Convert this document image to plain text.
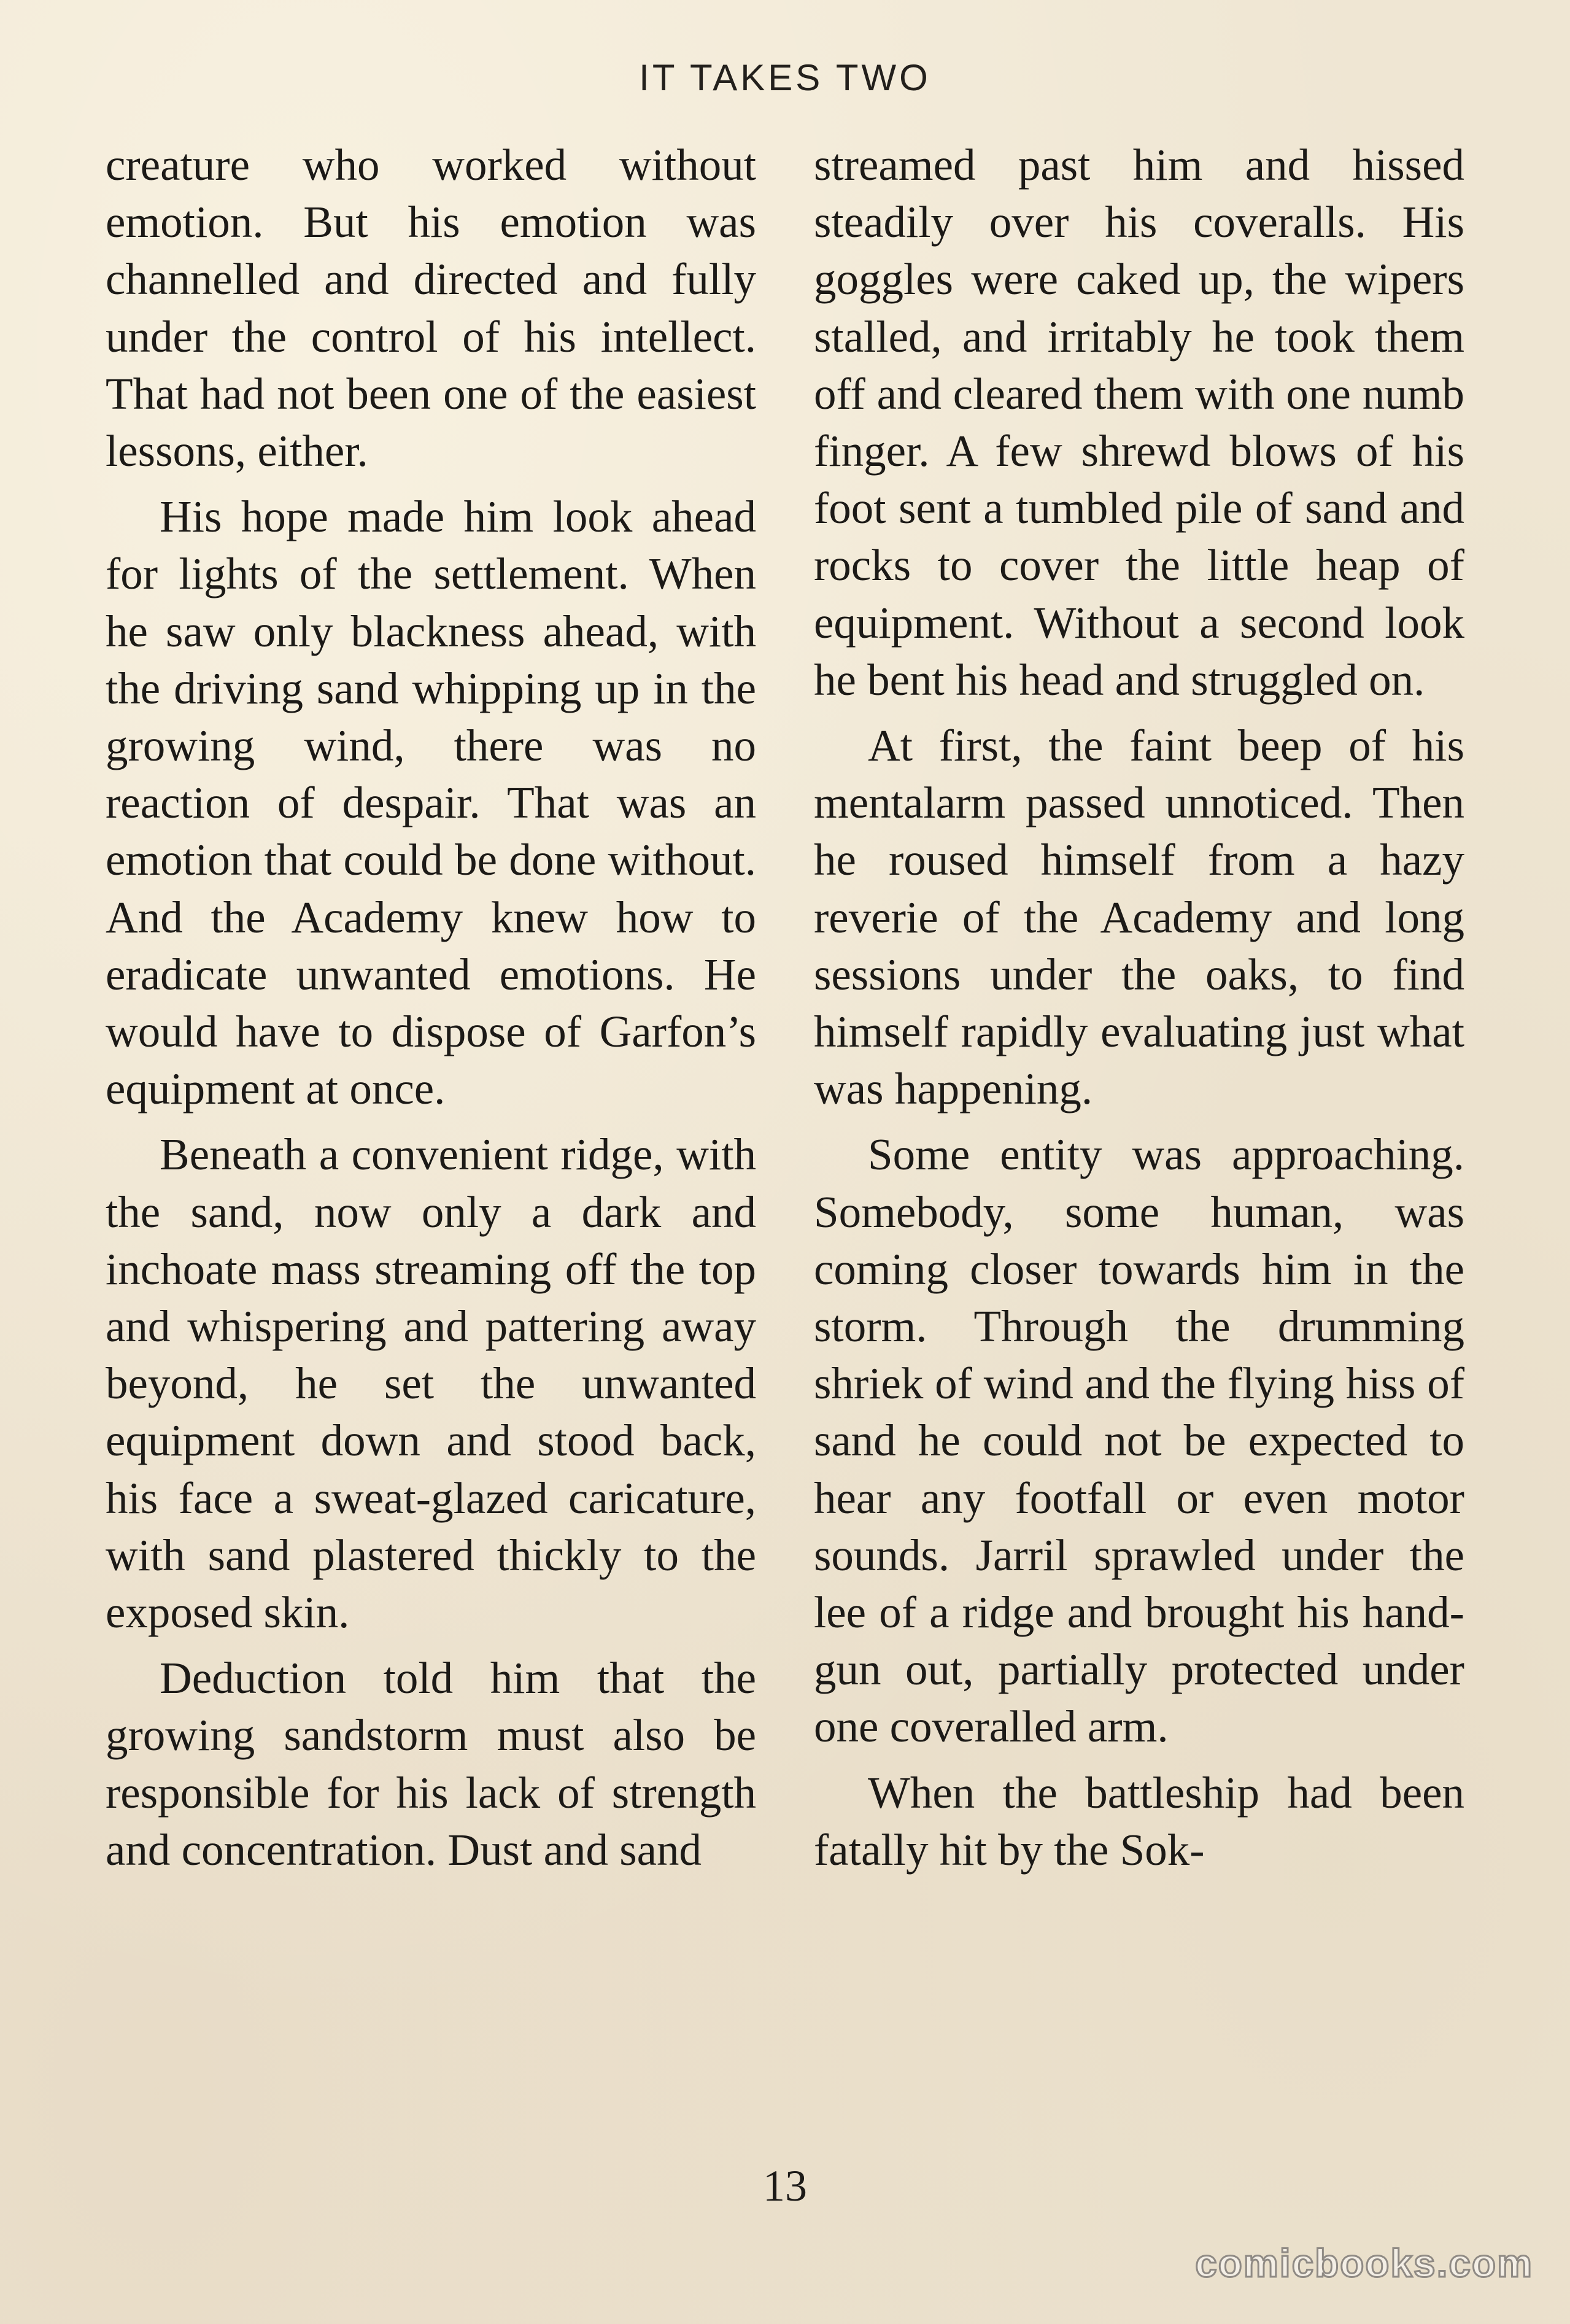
IT TAKES TWO

creature who worked without emotion. But his emotion was channelled and directed and fully under the control of his intellect. That had not been one of the easiest lessons, either.

His hope made him look ahead for lights of the settlement. When he saw only blackness ahead, with the driving sand whipping up in the growing wind, there was no reaction of despair. That was an emotion that could be done without. And the Academy knew how to eradicate unwanted emotions. He would have to dispose of Garfon’s equipment at once.

Beneath a convenient ridge, with the sand, now only a dark and inchoate mass streaming off the top and whispering and pattering away beyond, he set the unwanted equipment down and stood back, his face a sweat-glazed caricature, with sand plastered thickly to the exposed skin.

Deduction told him that the growing sandstorm must also be responsible for his lack of strength and concentration. Dust and sand

streamed past him and hissed steadily over his coveralls. His goggles were caked up, the wipers stalled, and irritably he took them off and cleared them with one numb finger. A few shrewd blows of his foot sent a tumbled pile of sand and rocks to cover the little heap of equipment. Without a second look he bent his head and struggled on.

At first, the faint beep of his mentalarm passed unnoticed. Then he roused himself from a hazy reverie of the Academy and long sessions under the oaks, to find himself rapidly evaluating just what was happening.

Some entity was approaching. Somebody, some human, was coming closer towards him in the storm. Through the drumming shriek of wind and the flying hiss of sand he could not be expected to hear any footfall or even motor sounds. Jarril sprawled under the lee of a ridge and brought his hand-gun out, partially protected under one coveralled arm.

When the battleship had been fatally hit by the Sok-

13
comicbooks.com
